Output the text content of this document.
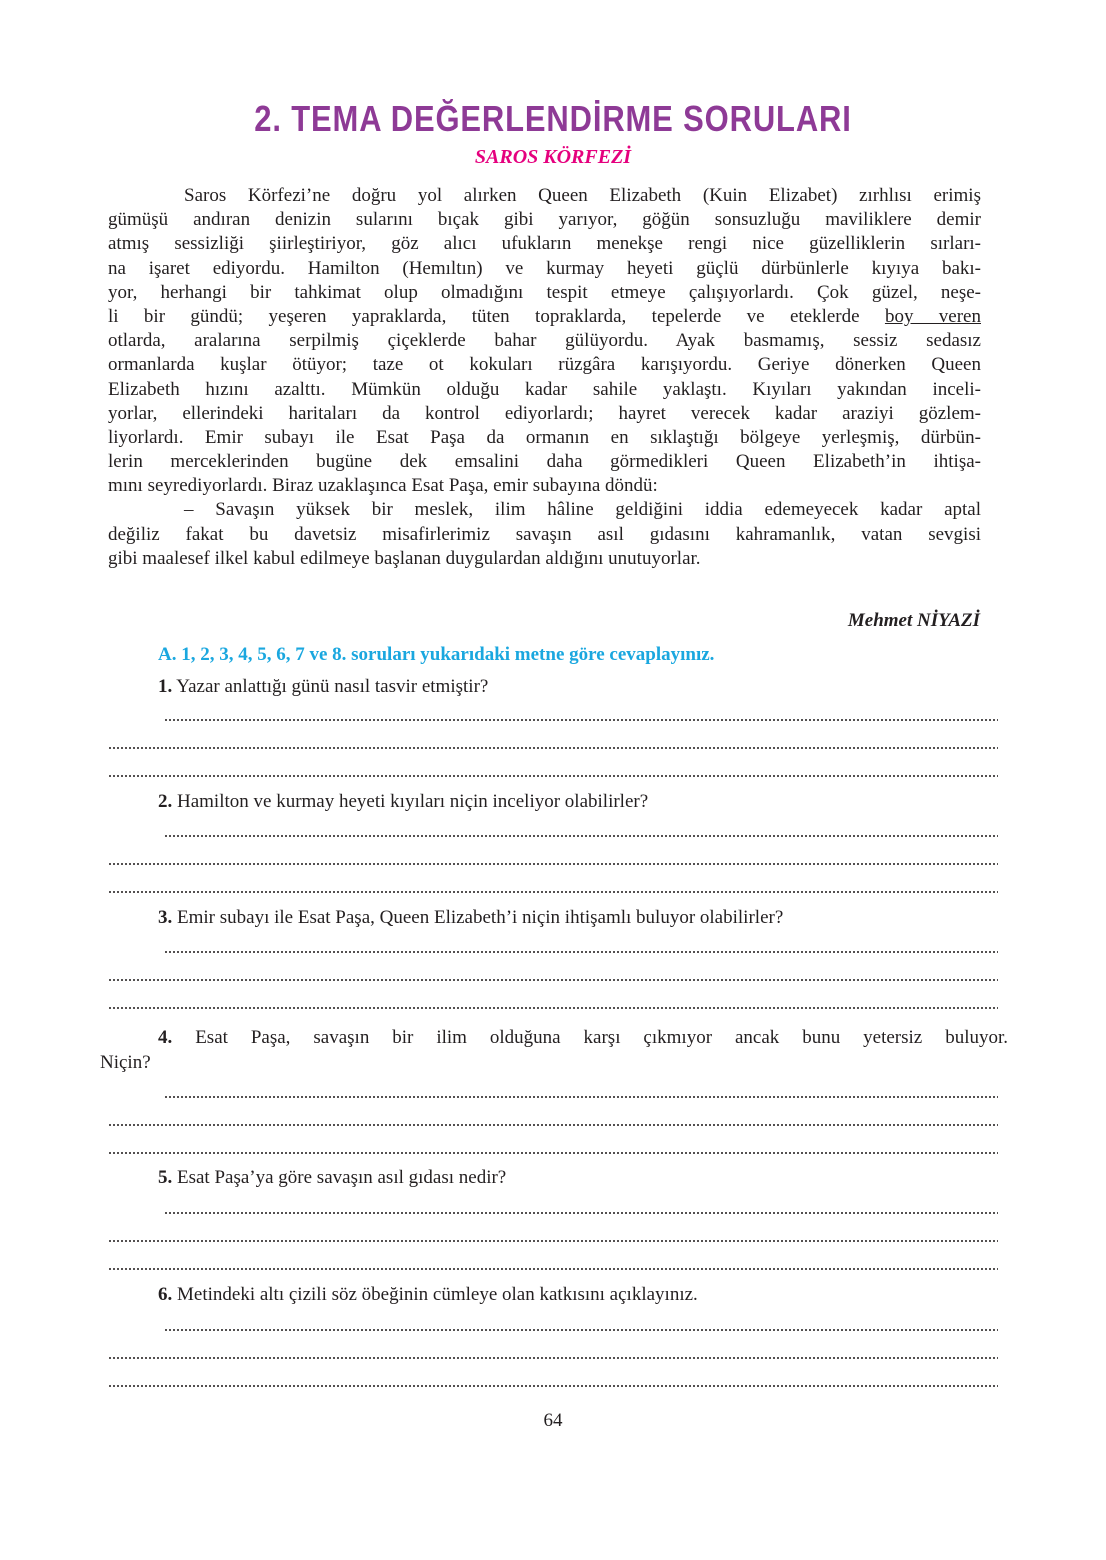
2. TEMA DEĞERLENDİRME SORULARI
SAROS KÖRFEZİ
Saros Körfezi’ne doğru yol alırken Queen Elizabeth (Kuin Elizabet) zırhlısı erimiş
gümüşü andıran denizin sularını bıçak gibi yarıyor, göğün sonsuzluğu maviliklere demir
atmış sessizliği şiirleştiriyor, göz alıcı ufukların menekşe rengi nice güzelliklerin sırları-
na işaret ediyordu. Hamilton (Hemıltın) ve kurmay heyeti güçlü dürbünlerle kıyıya bakı-
yor, herhangi bir tahkimat olup olmadığını tespit etmeye çalışıyorlardı. Çok güzel, neşe-
li bir gündü; yeşeren yapraklarda, tüten topraklarda, tepelerde ve eteklerde boy veren
otlarda, aralarına serpilmiş çiçeklerde bahar gülüyordu. Ayak basmamış, sessiz sedasız
ormanlarda kuşlar ötüyor; taze ot kokuları rüzgâra karışıyordu. Geriye dönerken Queen
Elizabeth hızını azalttı. Mümkün olduğu kadar sahile yaklaştı. Kıyıları yakından inceli-
yorlar, ellerindeki haritaları da kontrol ediyorlardı; hayret verecek kadar araziyi gözlem-
liyorlardı. Emir subayı ile Esat Paşa da ormanın en sıklaştığı bölgeye yerleşmiş, dürbün-
lerin merceklerinden bugüne dek emsalini daha görmedikleri Queen Elizabeth’in ihtişa-
mını seyrediyorlardı. Biraz uzaklaşınca Esat Paşa, emir subayına döndü:
– Savaşın yüksek bir meslek, ilim hâline geldiğini iddia edemeyecek kadar aptal
değiliz fakat bu davetsiz misafirlerimiz savaşın asıl gıdasını kahramanlık, vatan sevgisi
gibi maalesef ilkel kabul edilmeye başlanan duygulardan aldığını unutuyorlar.
Mehmet NİYAZİ
A. 1, 2, 3, 4, 5, 6, 7 ve 8. soruları yukarıdaki metne göre cevaplayınız.
1. Yazar anlattığı günü nasıl tasvir etmiştir?
2. Hamilton ve kurmay heyeti kıyıları niçin inceliyor olabilirler?
3. Emir subayı ile Esat Paşa, Queen Elizabeth’i niçin ihtişamlı buluyor olabilirler?
4. Esat Paşa, savaşın bir ilim olduğuna karşı çıkmıyor ancak bunu yetersiz buluyor.
Niçin?
5. Esat Paşa’ya göre savaşın asıl gıdası nedir?
6. Metindeki altı çizili söz öbeğinin cümleye olan katkısını açıklayınız.
64
